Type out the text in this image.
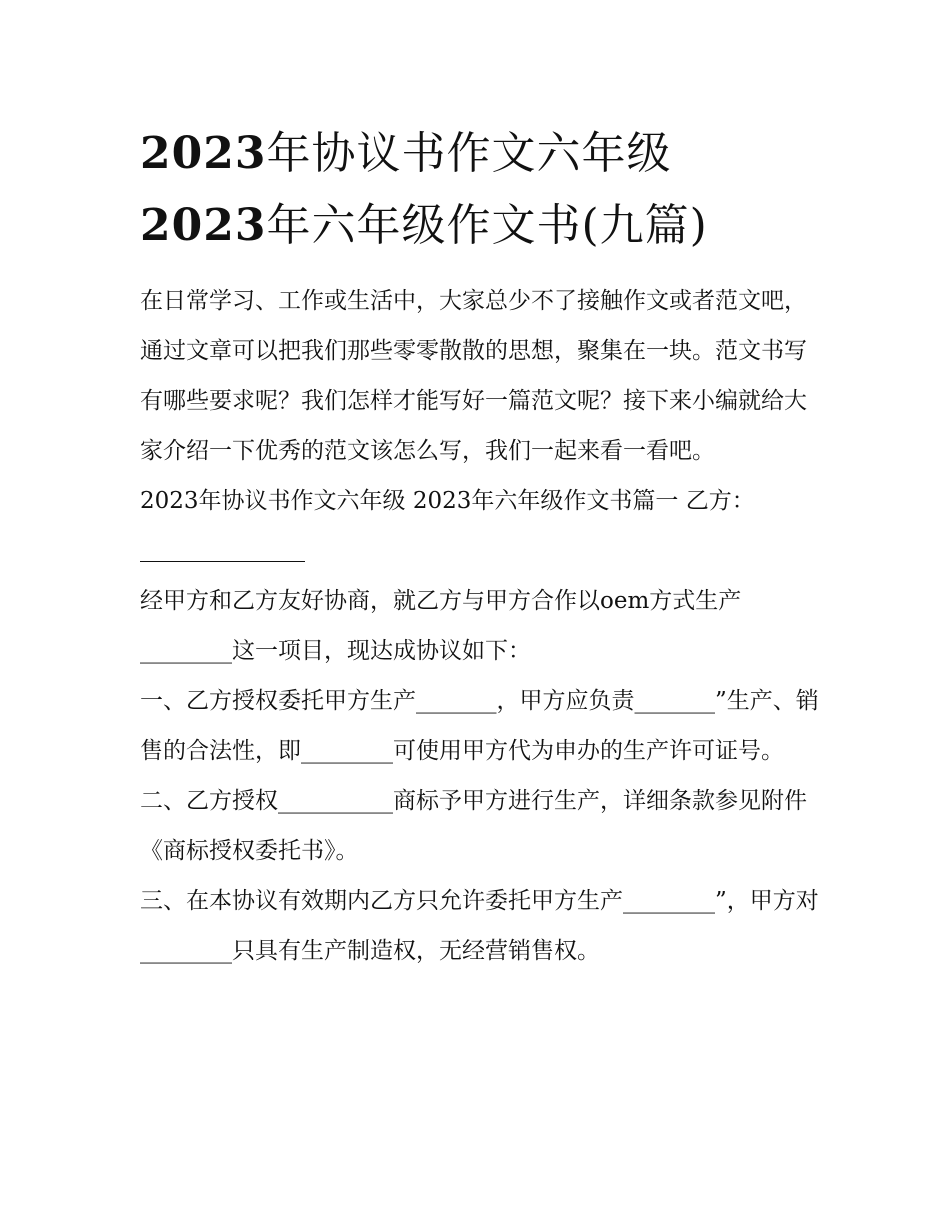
2023年协议书作文六年级
2023年六年级作文书(九篇)

在日常学习、工作或生活中，大家总少不了接触作文或者范文吧，通过文章可以把我们那些零零散散的思想，聚集在一块。范文书写有哪些要求呢？我们怎样才能写好一篇范文呢？接下来小编就给大家介绍一下优秀的范文该怎么写，我们一起来看一看吧。

2023年协议书作文六年级 2023年六年级作文书篇一 乙方：

经甲方和乙方友好协商，就乙方与甲方合作以oem方式生产________这一项目，现达成协议如下：

一、乙方授权委托甲方生产_______，甲方应负责_______”生产、销售的合法性，即________可使用甲方代为申办的生产许可证号。

二、乙方授权__________商标予甲方进行生产，详细条款参见附件《商标授权委托书》。

三、在本协议有效期内乙方只允许委托甲方生产________”，甲方对________只具有生产制造权，无经营销售权。
